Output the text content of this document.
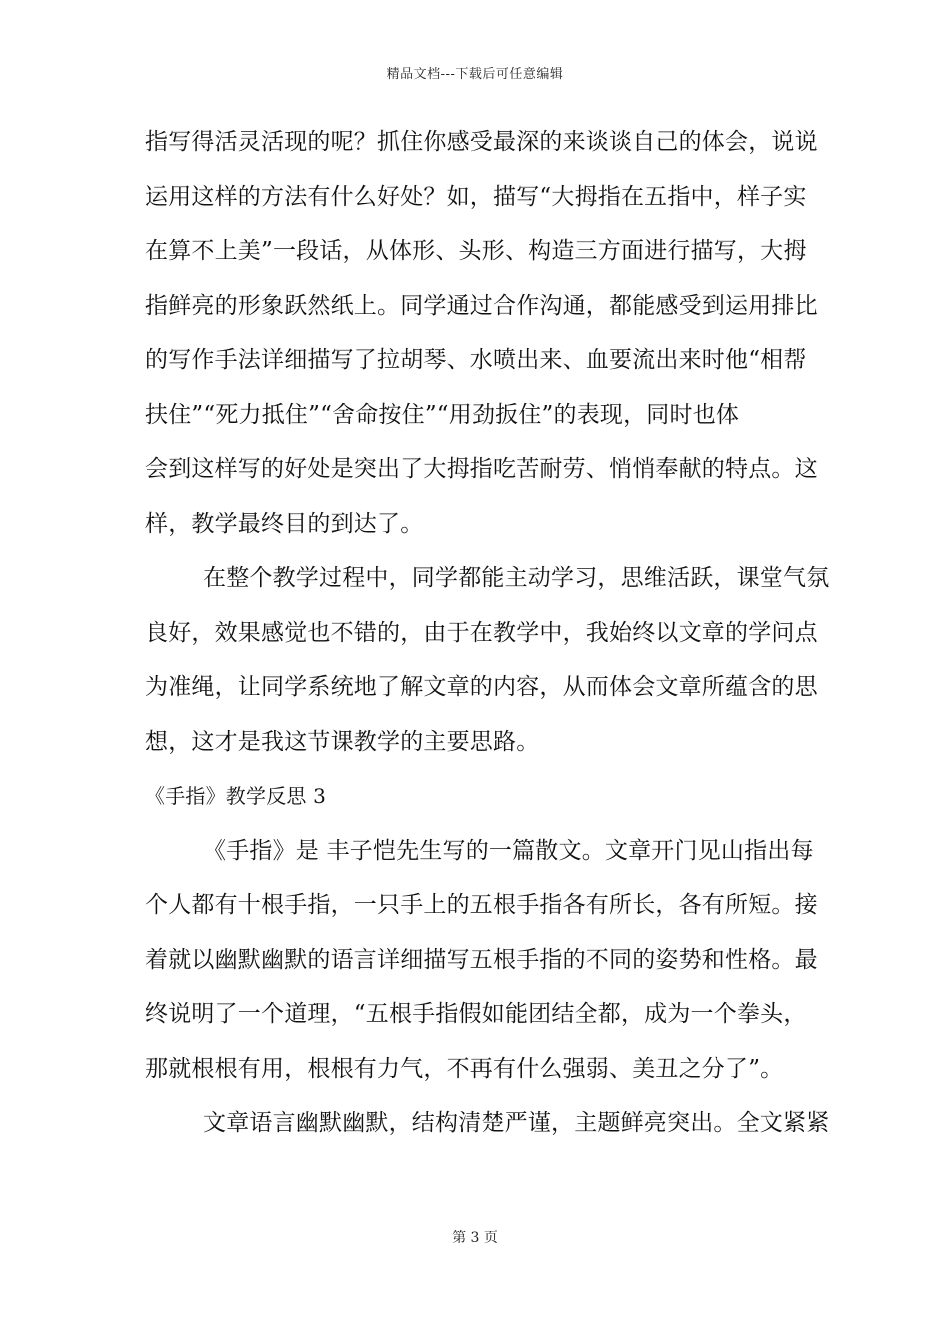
精品文档---下载后可任意编辑
指写得活灵活现的呢？抓住你感受最深的来谈谈自己的体会，说说
运用这样的方法有什么好处？如，描写“大拇指在五指中，样子实
在算不上美”一段话，从体形、头形、构造三方面进行描写，大拇
指鲜亮的形象跃然纸上。同学通过合作沟通，都能感受到运用排比
的写作手法详细描写了拉胡琴、水喷出来、血要流出来时他“相帮
扶住”“死力抵住”“舍命按住”“用劲扳住”的表现，同时也体
会到这样写的好处是突出了大拇指吃苦耐劳、悄悄奉献的特点。这
样，教学最终目的到达了。
在整个教学过程中，同学都能主动学习，思维活跃，课堂气氛
良好，效果感觉也不错的，由于在教学中，我始终以文章的学问点
为准绳，让同学系统地了解文章的内容，从而体会文章所蕴含的思
想，这才是我这节课教学的主要思路。
《手指》教学反思 3
《手指》是 丰子恺先生写的一篇散文。文章开门见山指出每
个人都有十根手指，一只手上的五根手指各有所长，各有所短。接
着就以幽默幽默的语言详细描写五根手指的不同的姿势和性格。最
终说明了一个道理，“五根手指假如能团结全都，成为一个拳头，
那就根根有用，根根有力气，不再有什么强弱、美丑之分了”。
文章语言幽默幽默，结构清楚严谨，主题鲜亮突出。全文紧紧
第 3 页
